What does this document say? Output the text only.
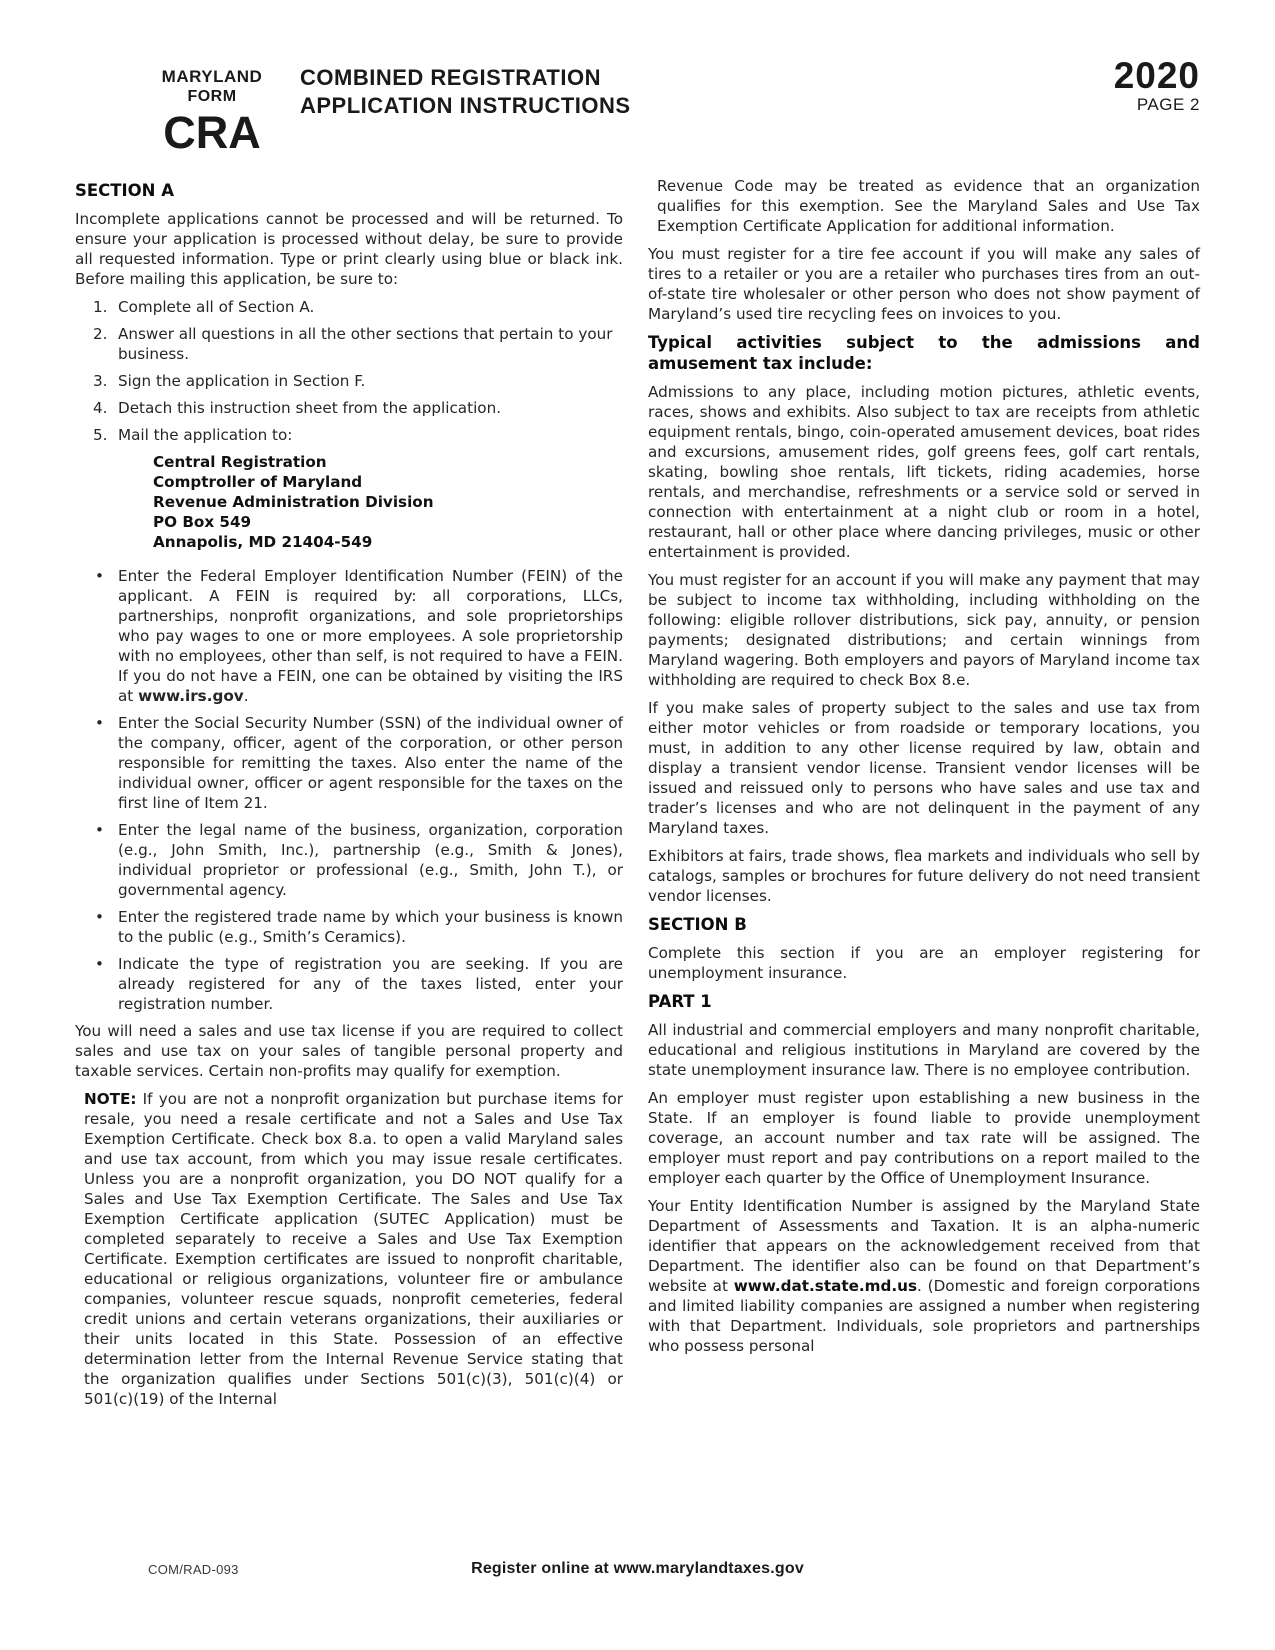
MARYLAND
FORM
CRA
COMBINED REGISTRATION
APPLICATION INSTRUCTIONS
2020
PAGE 2
SECTION A
Incomplete applications cannot be processed and will be returned. To ensure your application is processed without delay, be sure to provide all requested information. Type or print clearly using blue or black ink. Before mailing this application, be sure to:
1. Complete all of Section A.
2. Answer all questions in all the other sections that pertain to your business.
3. Sign the application in Section F.
4. Detach this instruction sheet from the application.
5. Mail the application to:
Central Registration
Comptroller of Maryland
Revenue Administration Division
PO Box 549
Annapolis, MD 21404-549
•
Enter the Federal Employer Identification Number (FEIN) of the applicant. A FEIN is required by: all corporations, LLCs, partnerships, nonprofit organizations, and sole proprietorships who pay wages to one or more employees. A sole proprietorship with no employees, other than self, is not required to have a FEIN. If you do not have a FEIN, one can be obtained by visiting the IRS at www.irs.gov.
•
Enter the Social Security Number (SSN) of the individual owner of the company, officer, agent of the corporation, or other person responsible for remitting the taxes. Also enter the name of the individual owner, officer or agent responsible for the taxes on the first line of Item 21.
•
Enter the legal name of the business, organization, corporation (e.g., John Smith, Inc.), partnership (e.g., Smith & Jones), individual proprietor or professional (e.g., Smith, John T.), or governmental agency.
•
Enter the registered trade name by which your business is known to the public (e.g., Smith’s Ceramics).
•
Indicate the type of registration you are seeking. If you are already registered for any of the taxes listed, enter your registration number.
You will need a sales and use tax license if you are required to collect sales and use tax on your sales of tangible personal property and taxable services. Certain non-profits may qualify for exemption.
NOTE: If you are not a nonprofit organization but purchase items for resale, you need a resale certificate and not a Sales and Use Tax Exemption Certificate. Check box 8.a. to open a valid Maryland sales and use tax account, from which you may issue resale certificates. Unless you are a nonprofit organization, you DO NOT qualify for a Sales and Use Tax Exemption Certificate. The Sales and Use Tax Exemption Certificate application (SUTEC Application) must be completed separately to receive a Sales and Use Tax Exemption Certificate. Exemption certificates are issued to nonprofit charitable, educational or religious organizations, volunteer fire or ambulance companies, volunteer rescue squads, nonprofit cemeteries, federal credit unions and certain veterans organizations, their auxiliaries or their units located in this State. Possession of an effective determination letter from the Internal Revenue Service stating that the organization qualifies under Sections 501(c)(3), 501(c)(4) or 501(c)(19) of the Internal
Revenue Code may be treated as evidence that an organization qualifies for this exemption. See the Maryland Sales and Use Tax Exemption Certificate Application for additional information.
You must register for a tire fee account if you will make any sales of tires to a retailer or you are a retailer who purchases tires from an out-of-state tire wholesaler or other person who does not show payment of Maryland’s used tire recycling fees on invoices to you.
Typical activities subject to the admissions and amusement tax include:
Admissions to any place, including motion pictures, athletic events, races, shows and exhibits. Also subject to tax are receipts from athletic equipment rentals, bingo, coin-operated amusement devices, boat rides and excursions, amusement rides, golf greens fees, golf cart rentals, skating, bowling shoe rentals, lift tickets, riding academies, horse rentals, and merchandise, refreshments or a service sold or served in connection with entertainment at a night club or room in a hotel, restaurant, hall or other place where dancing privileges, music or other entertainment is provided.
You must register for an account if you will make any payment that may be subject to income tax withholding, including withholding on the following: eligible rollover distributions, sick pay, annuity, or pension payments; designated distributions; and certain winnings from Maryland wagering. Both employers and payors of Maryland income tax withholding are required to check Box 8.e.
If you make sales of property subject to the sales and use tax from either motor vehicles or from roadside or temporary locations, you must, in addition to any other license required by law, obtain and display a transient vendor license. Transient vendor licenses will be issued and reissued only to persons who have sales and use tax and trader’s licenses and who are not delinquent in the payment of any Maryland taxes.
Exhibitors at fairs, trade shows, flea markets and individuals who sell by catalogs, samples or brochures for future delivery do not need transient vendor licenses.
SECTION B
Complete this section if you are an employer registering for unemployment insurance.
PART 1
All industrial and commercial employers and many nonprofit charitable, educational and religious institutions in Maryland are covered by the state unemployment insurance law. There is no employee contribution.
An employer must register upon establishing a new business in the State. If an employer is found liable to provide unemployment coverage, an account number and tax rate will be assigned. The employer must report and pay contributions on a report mailed to the employer each quarter by the Office of Unemployment Insurance.
Your Entity Identification Number is assigned by the Maryland State Department of Assessments and Taxation. It is an alpha-numeric identifier that appears on the acknowledgement received from that Department. The identifier also can be found on that Department’s website at www.dat.state.md.us. (Domestic and foreign corporations and limited liability companies are assigned a number when registering with that Department. Individuals, sole proprietors and partnerships who possess personal
COM/RAD-093	Register online at www.marylandtaxes.gov
